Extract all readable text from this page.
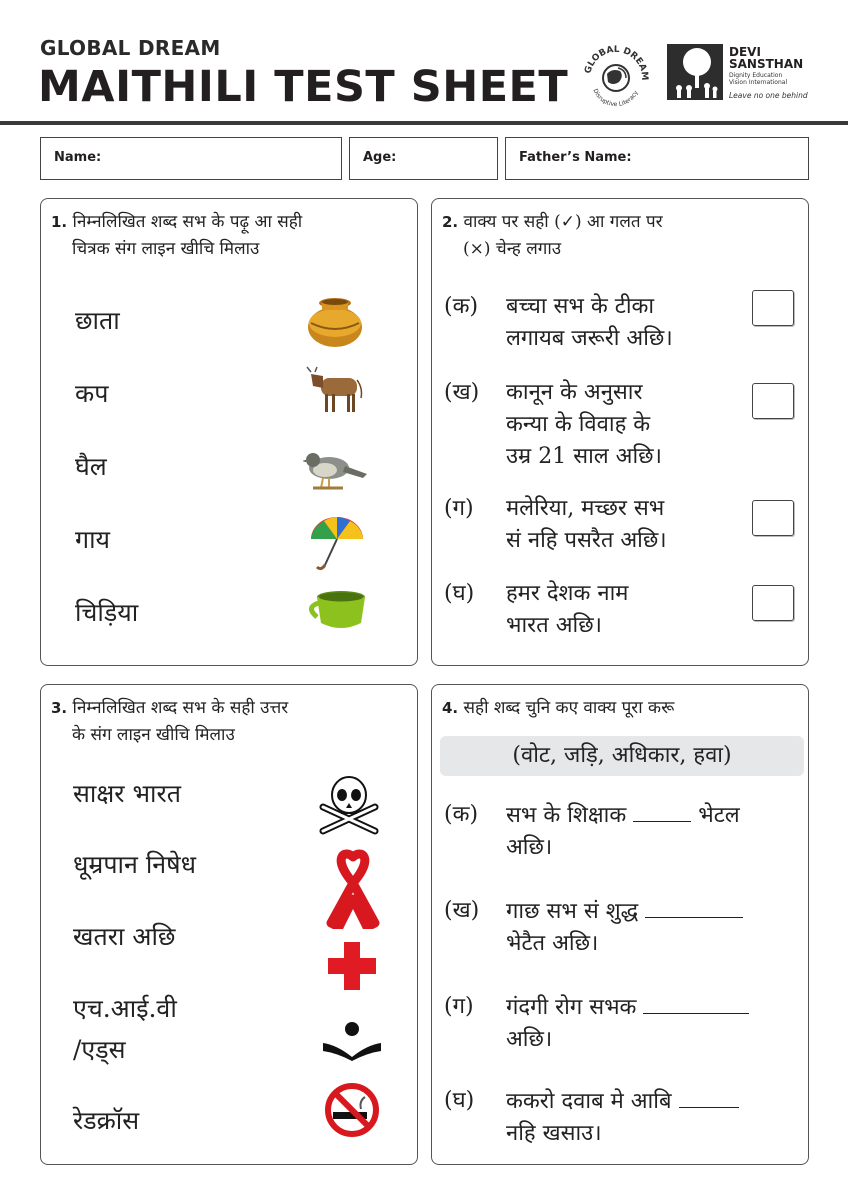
GLOBAL DREAM
MAITHILI TEST SHEET GLOBAL DREAM
Disruptive Literacy
DEVI
SANSTHAN
Dignity Education
Vision International
Leave no one behind
Name:	Age:	Father’s Name:
1. निम्नलिखित शब्द सभ के पढ़ू आ सही
चित्रक संग लाइन खीचि मिलाउ
छाता
कप
घैल
गाय
चिड़िया
2. वाक्य पर सही (✓) आ गलत पर
(×) चेन्ह लगाउ
(क)	बच्चा सभ के टीका
लगायब जरूरी अछि।
(ख)	कानून के अनुसार
कन्या के विवाह के
उम्र 21 साल अछि।
(ग)	मलेरिया, मच्छर सभ
सं नहि पसरैत अछि।
(घ)	हमर देशक नाम
भारत अछि।
3. निम्नलिखित शब्द सभ के सही उत्तर
के संग लाइन खीचि मिलाउ
साक्षर भारत
धूम्रपान निषेध
खतरा अछि
एच.आई.वी
/एड्स
रेडक्रॉस
4. सही शब्द चुनि कए वाक्य पूरा करू
(वोट, जड़ि, अधिकार, हवा)
(क)	सभ के शिक्षाक	भेटल
अछि।
(ख)	गाछ सभ सं शुद्ध
भेटैत अछि।
(ग)	गंदगी रोग सभक
अछि।
(घ)	ककरो दवाब मे आबि
नहि खसाउ।
